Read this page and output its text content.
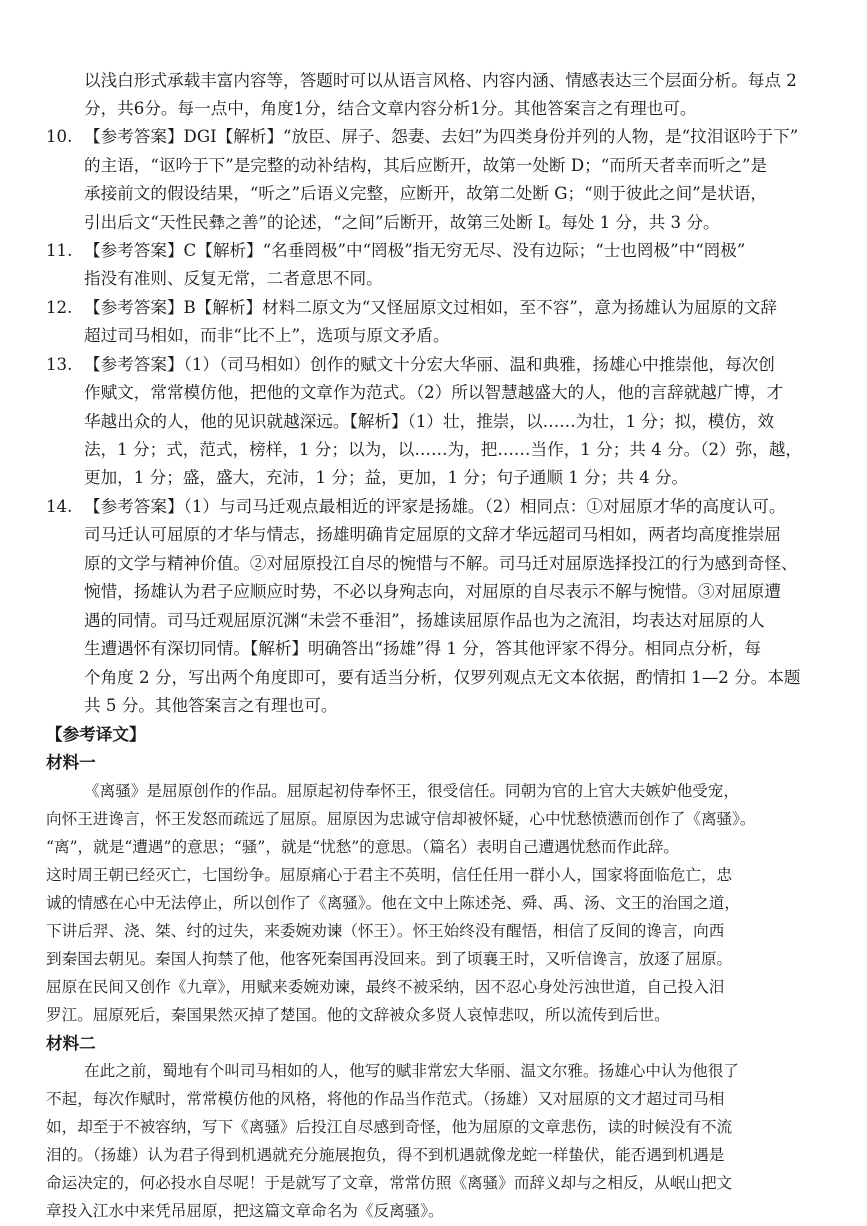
以浅白形式承载丰富内容等，答题时可以从语言风格、内容内涵、情感表达三个层面分析。每点 2
分，共6分。每一点中，角度1分，结合文章内容分析1分。其他答案言之有理也可。
10. 【参考答案】DGI【解析】“放臣、屏子、怨妻、去妇”为四类身份并列的人物，是“抆泪讴吟于下”
的主语，“讴吟于下”是完整的动补结构，其后应断开，故第一处断 D；“而所天者幸而听之”是
承接前文的假设结果，“听之”后语义完整，应断开，故第二处断 G；“则于彼此之间”是状语，
引出后文“天性民彝之善”的论述，“之间”后断开，故第三处断 I。每处 1 分，共 3 分。
11. 【参考答案】C【解析】“名垂罔极”中“罔极”指无穷无尽、没有边际；“士也罔极”中“罔极”
指没有准则、反复无常，二者意思不同。
12. 【参考答案】B【解析】材料二原文为“又怪屈原文过相如，至不容”，意为扬雄认为屈原的文辞
超过司马相如，而非“比不上”，选项与原文矛盾。
13. 【参考答案】（1）（司马相如）创作的赋文十分宏大华丽、温和典雅，扬雄心中推崇他，每次创
作赋文，常常模仿他，把他的文章作为范式。（2）所以智慧越盛大的人，他的言辞就越广博，才
华越出众的人，他的见识就越深远。【解析】（1）壮，推崇，以……为壮，1 分；拟，模仿，效
法，1 分；式，范式，榜样，1 分；以为，以……为，把……当作，1 分；共 4 分。（2）弥，越，
更加，1 分；盛，盛大，充沛，1 分；益，更加，1 分；句子通顺 1 分；共 4 分。
14. 【参考答案】（1）与司马迁观点最相近的评家是扬雄。（2）相同点：①对屈原才华的高度认可。
司马迁认可屈原的才华与情志，扬雄明确肯定屈原的文辞才华远超司马相如，两者均高度推崇屈
原的文学与精神价值。②对屈原投江自尽的惋惜与不解。司马迁对屈原选择投江的行为感到奇怪、
惋惜，扬雄认为君子应顺应时势，不必以身殉志向，对屈原的自尽表示不解与惋惜。③对屈原遭
遇的同情。司马迁观屈原沉渊“未尝不垂泪”，扬雄读屈原作品也为之流泪，均表达对屈原的人
生遭遇怀有深切同情。【解析】明确答出“扬雄”得 1 分，答其他评家不得分。相同点分析，每
个角度 2 分，写出两个角度即可，要有适当分析，仅罗列观点无文本依据，酌情扣 1—2 分。本题
共 5 分。其他答案言之有理也可。
【参考译文】
材料一
《离骚》是屈原创作的作品。屈原起初侍奉怀王，很受信任。同朝为官的上官大夫嫉妒他受宠，
向怀王进谗言，怀王发怒而疏远了屈原。屈原因为忠诚守信却被怀疑，心中忧愁愤懑而创作了《离骚》。
“离”，就是“遭遇”的意思；“骚”，就是“忧愁”的意思。（篇名）表明自己遭遇忧愁而作此辞。
这时周王朝已经灭亡，七国纷争。屈原痛心于君主不英明，信任任用一群小人，国家将面临危亡，忠
诚的情感在心中无法停止，所以创作了《离骚》。他在文中上陈述尧、舜、禹、汤、文王的治国之道，
下讲后羿、浇、桀、纣的过失，来委婉劝谏（怀王）。怀王始终没有醒悟，相信了反间的谗言，向西
到秦国去朝见。秦国人拘禁了他，他客死秦国再没回来。到了顷襄王时，又听信谗言，放逐了屈原。
屈原在民间又创作《九章》，用赋来委婉劝谏，最终不被采纳，因不忍心身处污浊世道，自己投入汨
罗江。屈原死后，秦国果然灭掉了楚国。他的文辞被众多贤人哀悼悲叹，所以流传到后世。
材料二
在此之前，蜀地有个叫司马相如的人，他写的赋非常宏大华丽、温文尔雅。扬雄心中认为他很了
不起，每次作赋时，常常模仿他的风格，将他的作品当作范式。（扬雄）又对屈原的文才超过司马相
如，却至于不被容纳，写下《离骚》后投江自尽感到奇怪，他为屈原的文章悲伤，读的时候没有不流
泪的。（扬雄）认为君子得到机遇就充分施展抱负，得不到机遇就像龙蛇一样蛰伏，能否遇到机遇是
命运决定的，何必投水自尽呢！于是就写了文章，常常仿照《离骚》而辞义却与之相反，从岷山把文
章投入江水中来凭吊屈原，把这篇文章命名为《反离骚》。
